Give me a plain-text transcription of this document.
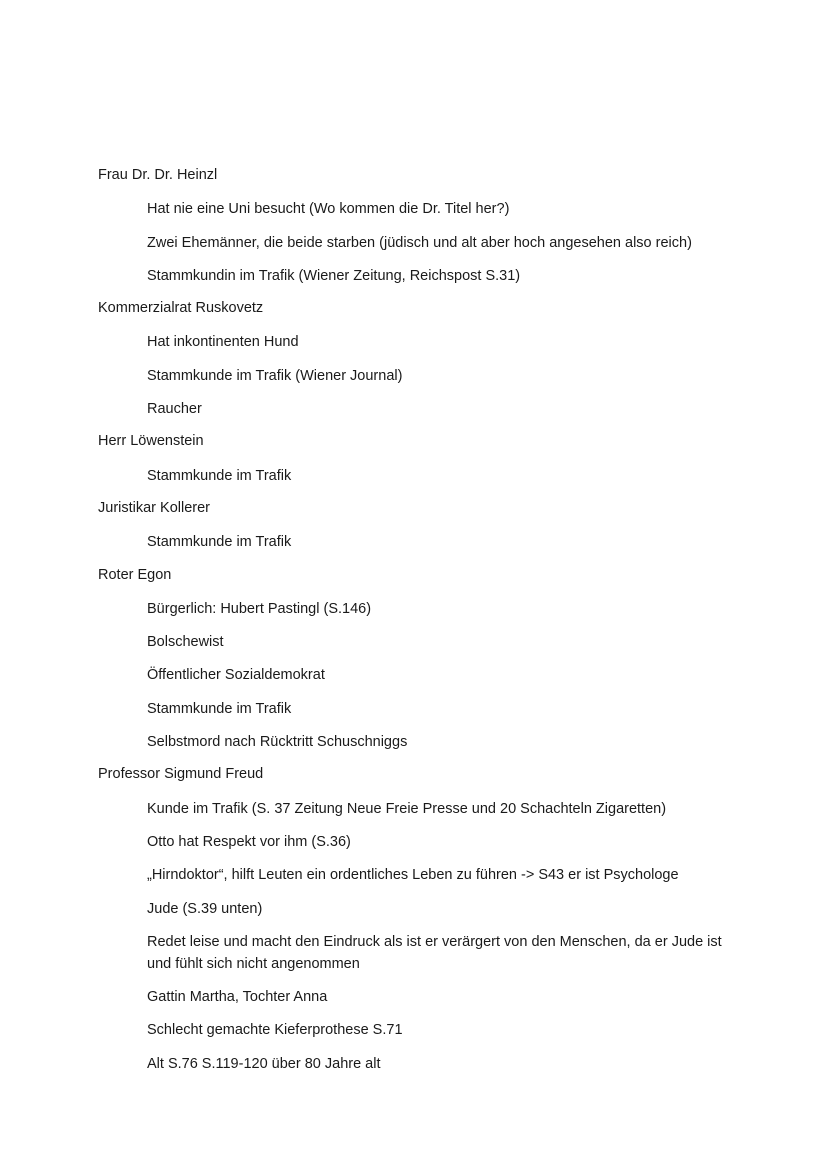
Frau Dr. Dr. Heinzl
Hat nie eine Uni besucht (Wo kommen die Dr. Titel her?)
Zwei Ehemänner, die beide starben (jüdisch und alt aber hoch angesehen also reich)
Stammkundin im Trafik (Wiener Zeitung, Reichspost S.31)
Kommerzialrat Ruskovetz
Hat inkontinenten Hund
Stammkunde im Trafik (Wiener Journal)
Raucher
Herr Löwenstein
Stammkunde im Trafik
Juristikar Kollerer
Stammkunde im Trafik
Roter Egon
Bürgerlich: Hubert Pastingl (S.146)
Bolschewist
Öffentlicher Sozialdemokrat
Stammkunde im Trafik
Selbstmord nach Rücktritt Schuschniggs
Professor Sigmund Freud
Kunde im Trafik (S. 37 Zeitung Neue Freie Presse und 20 Schachteln Zigaretten)
Otto hat Respekt vor ihm (S.36)
„Hirndoktor“, hilft Leuten ein ordentliches Leben zu führen -> S43 er ist Psychologe
Jude (S.39 unten)
Redet leise und macht den Eindruck als ist er verärgert von den Menschen, da er Jude ist und fühlt sich nicht angenommen
Gattin Martha, Tochter Anna
Schlecht gemachte Kieferprothese S.71
Alt S.76 S.119-120 über 80 Jahre alt
